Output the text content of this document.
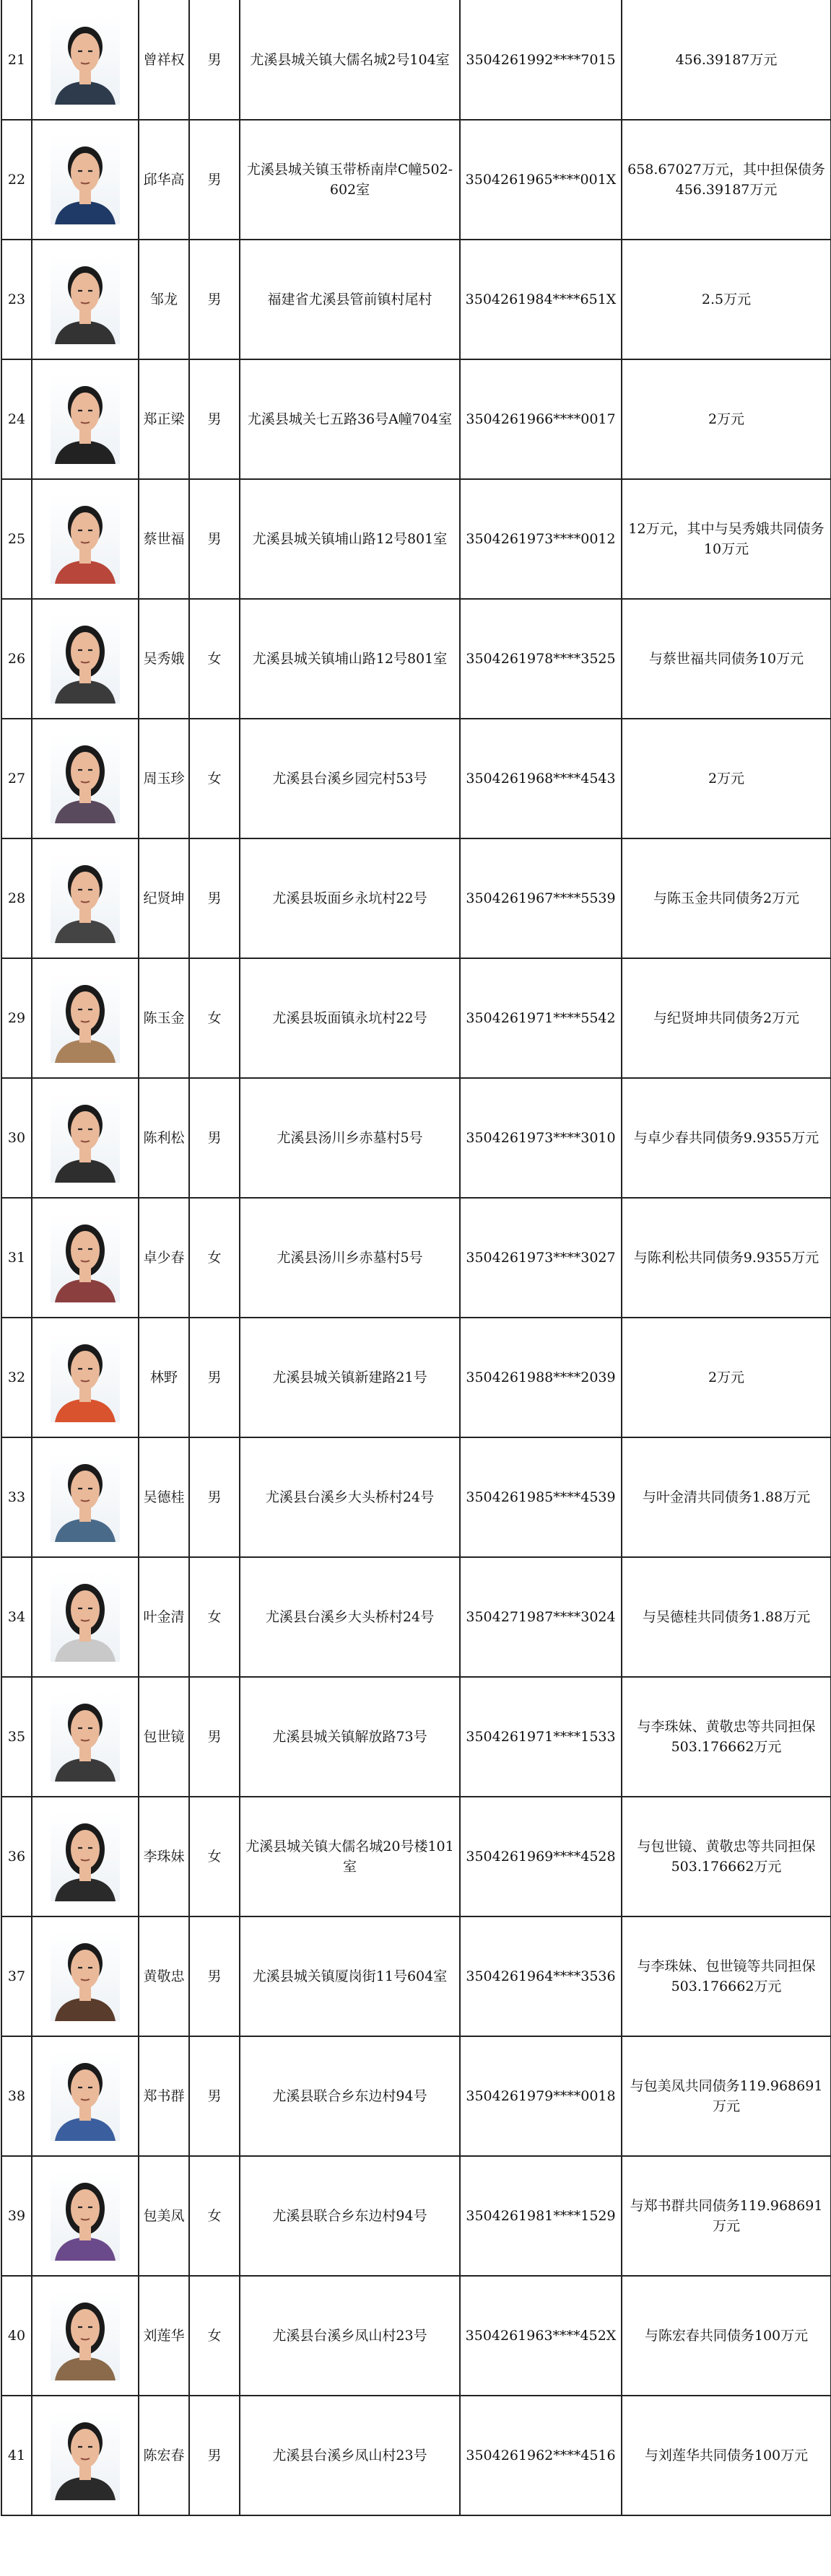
21		曾祥权	男	尤溪县城关镇大儒名城2号104室	3504261992****7015	456.39187万元
22		邱华高	男	尤溪县城关镇玉带桥南岸C幢502-602室	3504261965****001X	658.67027万元，其中担保债务456.39187万元
23		邹龙	男	福建省尤溪县管前镇村尾村	3504261984****651X	2.5万元
24		郑正梁	男	尤溪县城关七五路36号A幢704室	3504261966****0017	2万元
25		蔡世福	男	尤溪县城关镇埔山路12号801室	3504261973****0012	12万元，其中与吴秀娥共同债务10万元
26		吴秀娥	女	尤溪县城关镇埔山路12号801室	3504261978****3525	与蔡世福共同债务10万元
27		周玉珍	女	尤溪县台溪乡园完村53号	3504261968****4543	2万元
28		纪贤坤	男	尤溪县坂面乡永坑村22号	3504261967****5539	与陈玉金共同债务2万元
29		陈玉金	女	尤溪县坂面镇永坑村22号	3504261971****5542	与纪贤坤共同债务2万元
30		陈利松	男	尤溪县汤川乡赤墓村5号	3504261973****3010	与卓少春共同债务9.9355万元
31		卓少春	女	尤溪县汤川乡赤墓村5号	3504261973****3027	与陈利松共同债务9.9355万元
32		林野	男	尤溪县城关镇新建路21号	3504261988****2039	2万元
33		吴德桂	男	尤溪县台溪乡大头桥村24号	3504261985****4539	与叶金清共同债务1.88万元
34		叶金清	女	尤溪县台溪乡大头桥村24号	3504271987****3024	与吴德桂共同债务1.88万元
35		包世镜	男	尤溪县城关镇解放路73号	3504261971****1533	与李珠妹、黄敬忠等共同担保503.176662万元
36		李珠妹	女	尤溪县城关镇大儒名城20号楼101室	3504261969****4528	与包世镜、黄敬忠等共同担保503.176662万元
37		黄敬忠	男	尤溪县城关镇厦岗街11号604室	3504261964****3536	与李珠妹、包世镜等共同担保503.176662万元
38		郑书群	男	尤溪县联合乡东边村94号	3504261979****0018	与包美凤共同债务119.968691万元
39		包美凤	女	尤溪县联合乡东边村94号	3504261981****1529	与郑书群共同债务119.968691万元
40		刘莲华	女	尤溪县台溪乡凤山村23号	3504261963****452X	与陈宏春共同债务100万元
41		陈宏春	男	尤溪县台溪乡凤山村23号	3504261962****4516	与刘莲华共同债务100万元
